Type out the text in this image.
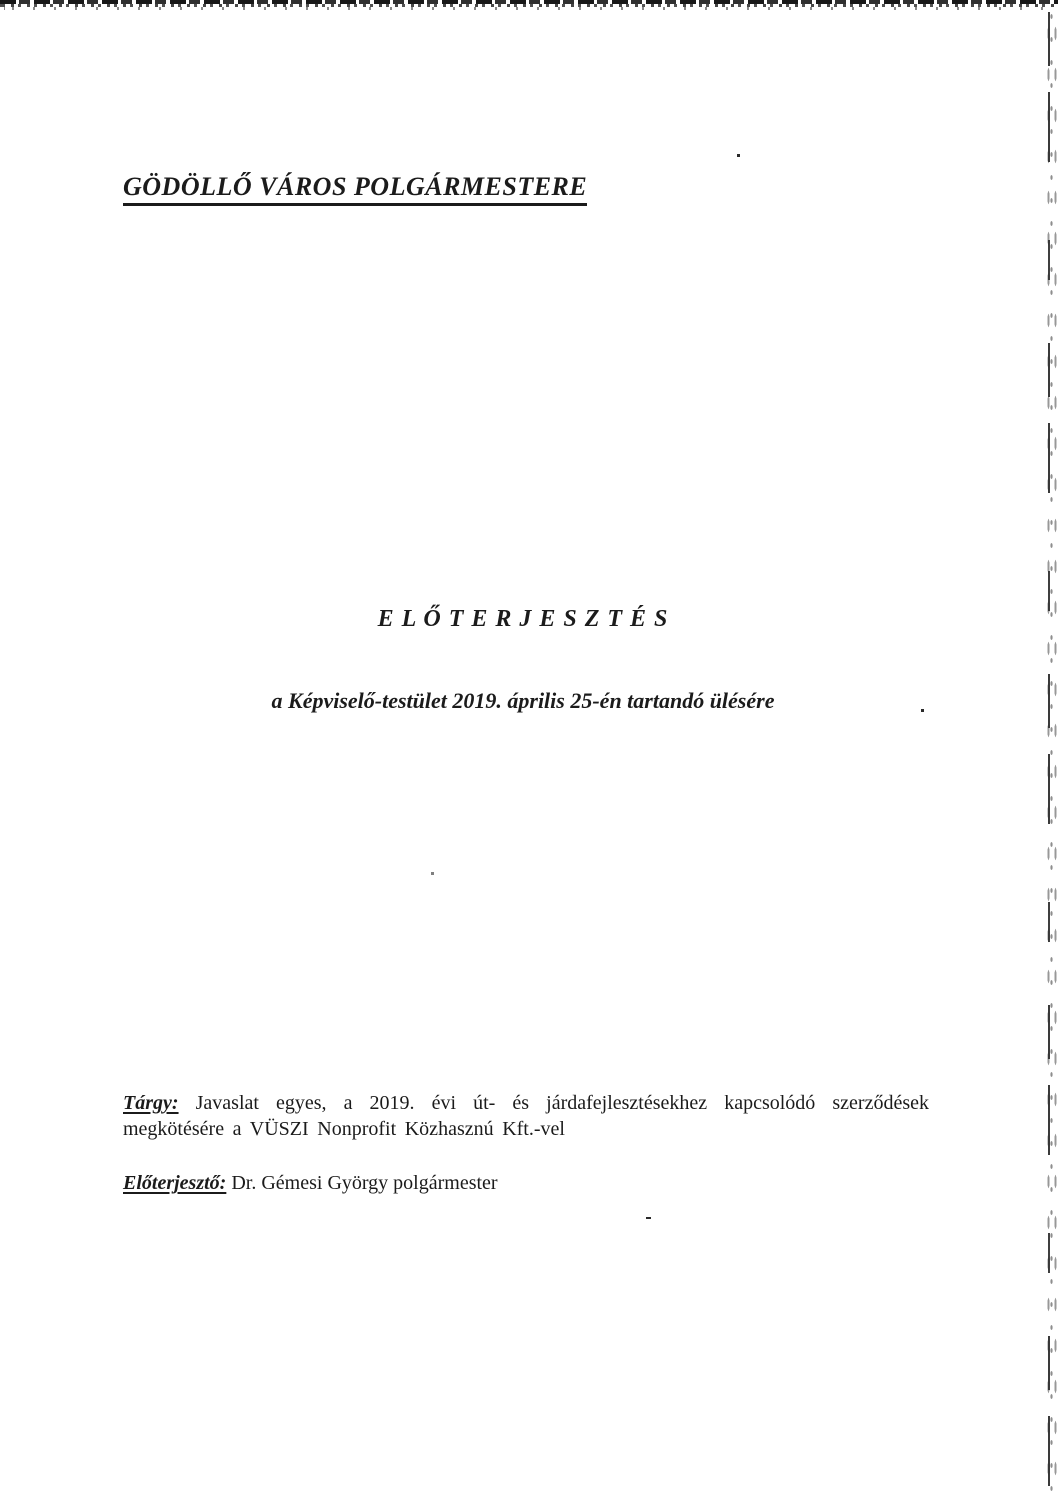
GÖDÖLLŐ VÁROS POLGÁRMESTERE
E L Ő T E R J E S Z T É S
a Képviselő-testület 2019. április 25-én tartandó ülésére

Tárgy: Javaslat egyes, a 2019. évi út- és járdafejlesztésekhez kapcsolódó szerződések megkötésére a VÜSZI Nonprofit Közhasznú Kft.-vel

Előterjesztő: Dr. Gémesi György polgármester
